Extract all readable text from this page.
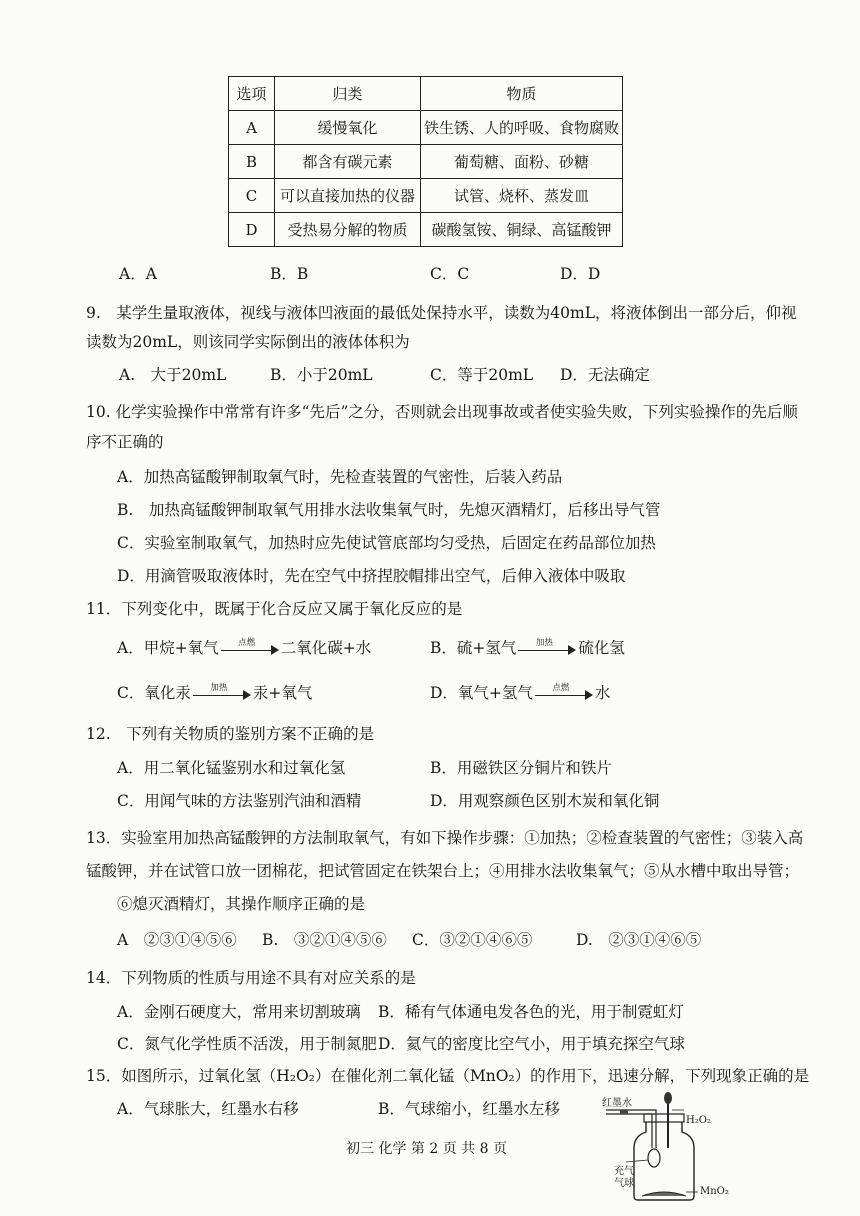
选项	归类	物质
A	缓慢氧化	铁生锈、人的呼吸、食物腐败
B	都含有碳元素	葡萄糖、面粉、砂糖
C	可以直接加热的仪器	试管、烧杯、蒸发皿
D	受热易分解的物质	碳酸氢铵、铜绿、高锰酸钾
A．A	B．B	C．C	D．D
9.　某学生量取液体，视线与液体凹液面的最低处保持水平，读数为40mL，将液体倒出一部分后，仰视
读数为20mL，则该同学实际倒出的液体体积为
A.　大于20mL	B．小于20mL	C．等于20mL D．无法确定
10. 化学实验操作中常常有许多“先后”之分，否则就会出现事故或者使实验失败，下列实验操作的先后顺
序不正确的
A．加热高锰酸钾制取氧气时，先检查装置的气密性，后装入药品
B.　加热高锰酸钾制取氧气用排水法收集氧气时，先熄灭酒精灯，后移出导气管
C．实验室制取氧气，加热时应先使试管底部均匀受热，后固定在药品部位加热
D．用滴管吸取液体时，先在空气中挤捏胶帽排出空气，后伸入液体中吸取
11．下列变化中，既属于化合反应又属于氧化反应的是
A．甲烷+氧气	点燃	二氧化碳+水	B．硫+氢气	加热	硫化氢
C．氧化汞	加热	汞+氧气	D．氧气+氢气	点燃	水
12.　下列有关物质的鉴别方案不正确的是
A．用二氧化锰鉴别水和过氧化氢	B．用磁铁区分铜片和铁片
C．用闻气味的方法鉴别汽油和酒精	D．用观察颜色区别木炭和氧化铜
13．实验室用加热高锰酸钾的方法制取氧气，有如下操作步骤：①加热；②检查装置的气密性；③装入高
锰酸钾，并在试管口放一团棉花，把试管固定在铁架台上；④用排水法收集氧气；⑤从水槽中取出导管；
⑥熄灭酒精灯，其操作顺序正确的是
A　②③①④⑤⑥ B.　③②①④⑤⑥ C．③②①④⑥⑤	D.　②③①④⑥⑤
14．下列物质的性质与用途不具有对应关系的是
A．金刚石硬度大，常用来切割玻璃 B．稀有气体通电发各色的光，用于制霓虹灯
C．氮气化学性质不活泼，用于制氮肥 D．氦气的密度比空气小，用于填充探空气球
15．如图所示，过氧化氢（H₂O₂）在催化剂二氧化锰（MnO₂）的作用下，迅速分解，下列现象正确的是
A．气球胀大，红墨水右移	B．气球缩小，红墨水左移	红墨水
H₂O₂
充气
气球
MnO₂
初三 化学 第 2 页 共 8 页
